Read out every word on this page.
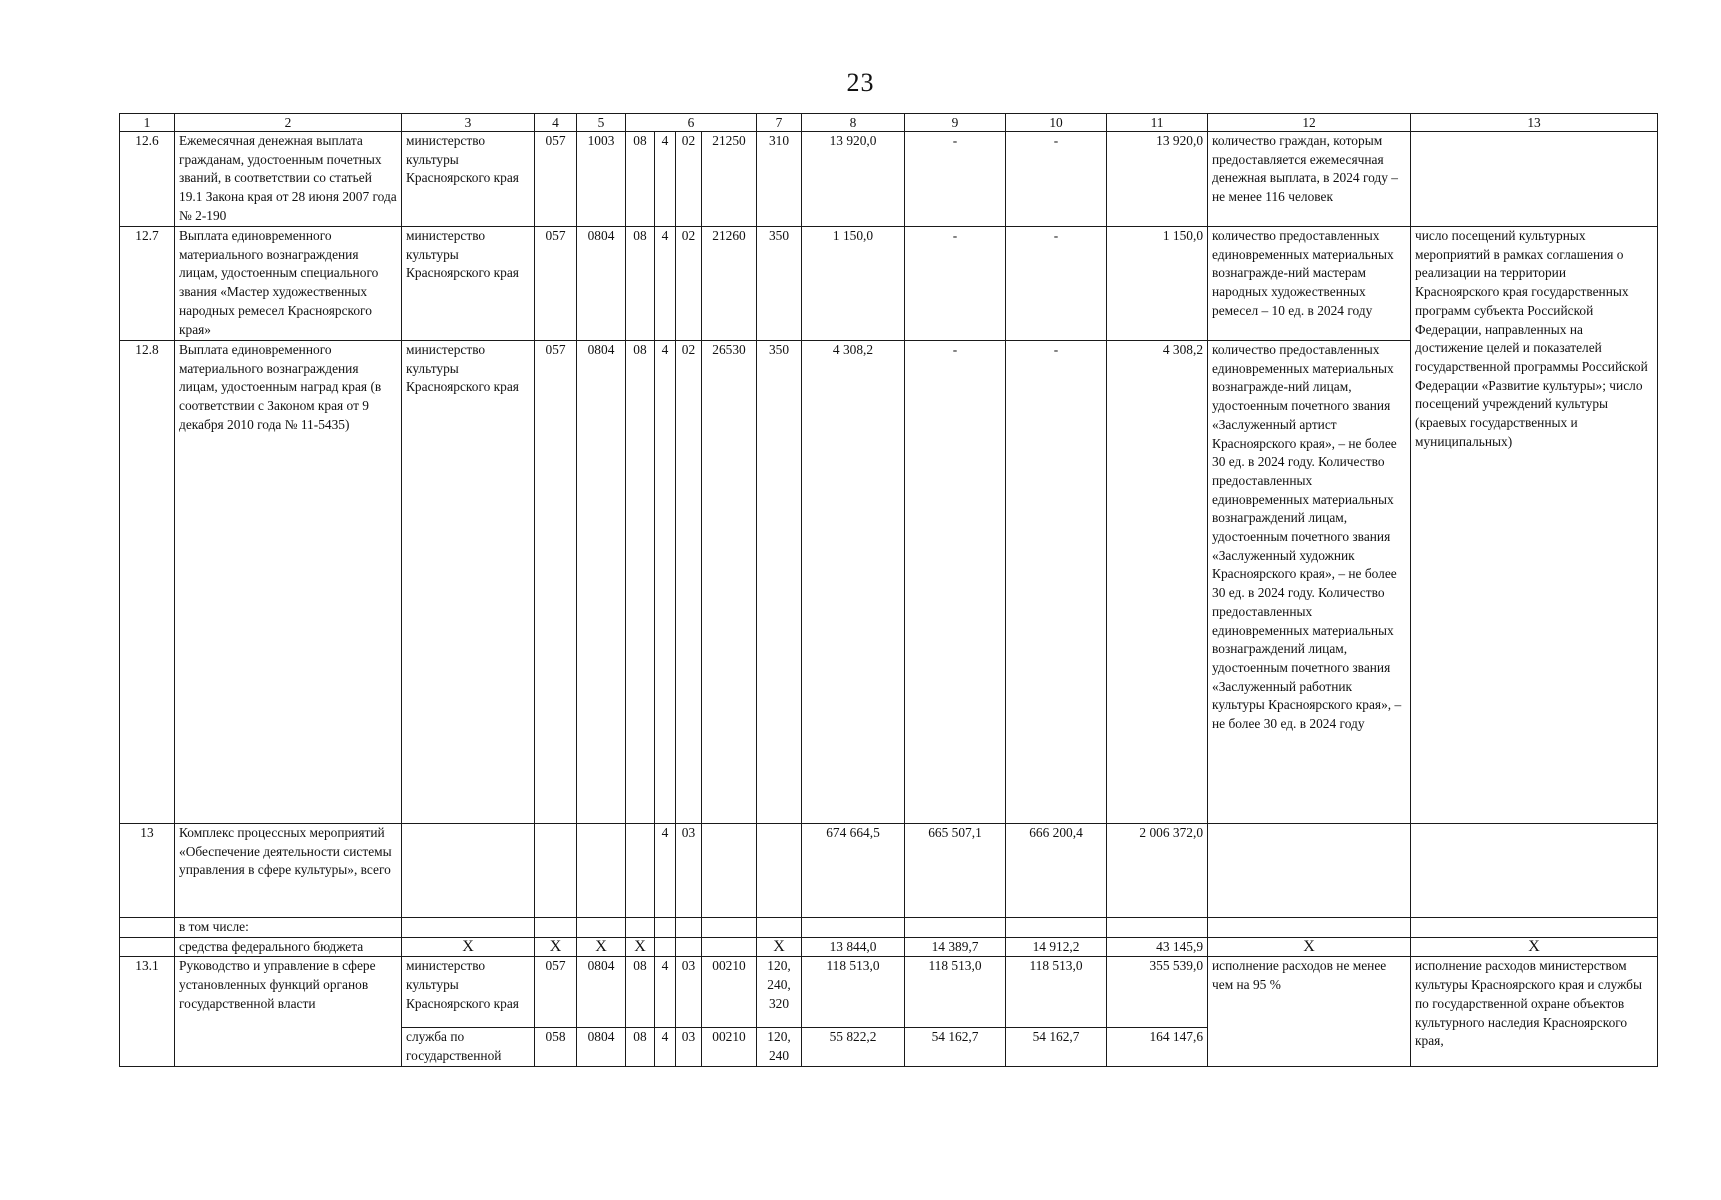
23
1	2	3	4	5	6				7	8	9	10	11	12	13
12.6	Ежемесячная денежная выплата гражданам, удостоенным почетных званий, в соответствии со статьей 19.1 Закона края от 28 июня 2007 года № 2-190	министерство культуры Красноярского края	057	1003	08	4	02	21250	310	13 920,0	-	-	13 920,0	количество граждан, которым предоставляется ежемесячная денежная выплата, в 2024 году – не менее 116 человек	
12.7	Выплата единовременного материального вознаграждения лицам, удостоенным специального звания «Мастер художественных народных ремесел Красноярского края»	министерство культуры Красноярского края	057	0804	08	4	02	21260	350	1 150,0	-	-	1 150,0	количество предоставленных единовременных материальных вознагражде-ний мастерам народных художественных ремесел – 10 ед. в 2024 году	число посещений культурных мероприятий в рамках соглашения о реализации на территории Красноярского края государственных программ субъекта Российской Федерации, направленных на достижение целей и показателей государственной программы Российской Федерации «Развитие культуры»; число посещений учреждений культуры (краевых государственных и муниципальных)
12.8	Выплата единовременного материального вознаграждения лицам, удостоенным наград края (в соответствии с Законом края от 9 декабря 2010 года № 11-5435)	министерство культуры Красноярского края	057	0804	08	4	02	26530	350	4 308,2	-	-	4 308,2	количество предоставленных единовременных материальных вознагражде-ний лицам, удостоенным почетного звания «Заслуженный артист Красноярского края», – не более 30 ед. в 2024 году. Количество предоставленных единовременных материальных вознаграждений лицам, удостоенным почетного звания «Заслуженный художник Красноярского края», – не более 30 ед. в 2024 году. Количество предоставленных единовременных материальных вознаграждений лицам, удостоенным почетного звания «Заслуженный работник культуры Красноярского края», – не более 30 ед. в 2024 году	
13	Комплекс процессных мероприятий «Обеспечение деятельности системы управления в сфере культуры», всего					4	03			674 664,5	665 507,1	666 200,4	2 006 372,0		
	в том числе:														
	средства федерального бюджета	Х	Х	Х	Х				Х	13 844,0	14 389,7	14 912,2	43 145,9	Х	Х
13.1	Руководство и управление в сфере установленных функций органов государственной власти	министерство культуры Красноярского края	057	0804	08	4	03	00210	120,
240,
320	118 513,0	118 513,0	118 513,0	355 539,0	исполнение расходов не менее чем на 95 %	исполнение расходов министерством культуры Красноярского края и службы по государственной охране объектов культурного наследия Красноярского края,
		служба по государственной	058	0804	08	4	03	00210	120,
240	55 822,2	54 162,7	54 162,7	164 147,6		
